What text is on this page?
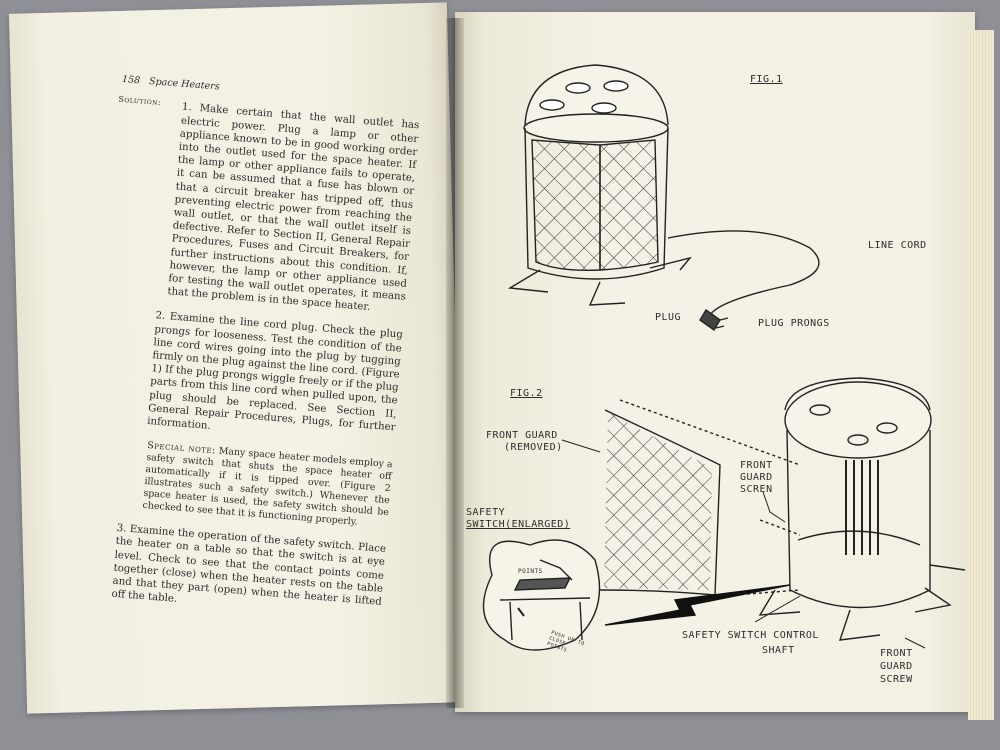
158 Space Heaters
Solution:

1. Make certain that the wall outlet has electric power. Plug a lamp or other appliance known to be in good working order into the outlet used for the space heater. If the lamp or other appliance fails to operate, it can be assumed that a fuse has blown or that a circuit breaker has tripped off, thus preventing electric power from reaching the wall outlet, or that the wall outlet itself is defective. Refer to Section II, General Repair Procedures, Fuses and Circuit Breakers, for further instructions about this condition. If, however, the lamp or other appliance used for testing the wall outlet operates, it means that the problem is in the space heater.

2. Examine the line cord plug. Check the plug prongs for looseness. Test the condition of the line cord wires going into the plug by tugging firmly on the plug against the line cord. (Figure 1) If the plug prongs wiggle freely or if the plug parts from this line cord when pulled upon, the plug should be replaced. See Section II, General Repair Procedures, Plugs, for further information.

Special note: Many space heater models employ a safety switch that shuts the space heater off automatically if it is tipped over. (Figure 2 illustrates such a safety switch.) Whenever the space heater is used, the safety switch should be checked to see that it is functioning properly.

3. Examine the operation of the safety switch. Place the heater on a table so that the switch is at eye level. Check to see that the contact points come together (close) when the heater rests on the table and that they part (open) when the heater is lifted off the table.

FIG.1
LINE CORD
PLUG
PLUG PRONGS
FIG.2
FRONT GUARD
(REMOVED)
FRONT
GUARD
SCREN
SAFETY
SWITCH(ENLARGED)
POINTS
PUSH UP TO CLOSE POINTS
SAFETY SWITCH CONTROL
SHAFT	FRONT
GUARD
SCREW
